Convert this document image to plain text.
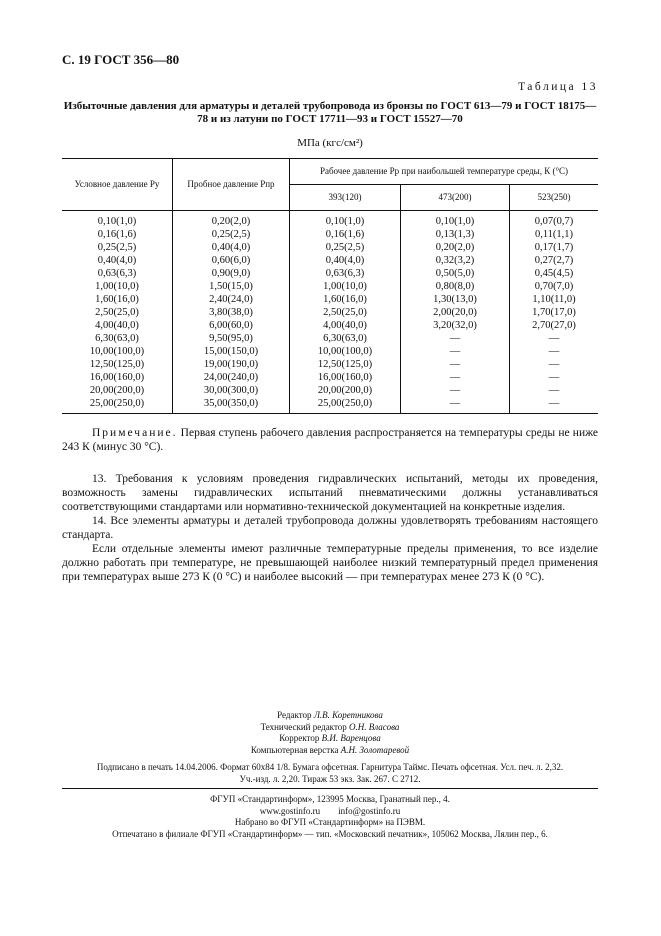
С. 19 ГОСТ 356—80
Таблица 13
Избыточные давления для арматуры и деталей трубопровода из бронзы по ГОСТ 613—79 и ГОСТ 18175—78 и из латуни по ГОСТ 17711—93 и ГОСТ 15527—70
МПа (кгс/см²)
Условное давление Pу	Пробное давление Pпр	Рабочее давление Pр при наибольшей температуре среды, К (°С)		
		393(120)	473(200)	523(250)
0,10(1,0)	0,20(2,0)	0,10(1,0)	0,10(1,0)	0,07(0,7)
0,16(1,6)	0,25(2,5)	0,16(1,6)	0,13(1,3)	0,11(1,1)
0,25(2,5)	0,40(4,0)	0,25(2,5)	0,20(2,0)	0,17(1,7)
0,40(4,0)	0,60(6,0)	0,40(4,0)	0,32(3,2)	0,27(2,7)
0,63(6,3)	0,90(9,0)	0,63(6,3)	0,50(5,0)	0,45(4,5)
1,00(10,0)	1,50(15,0)	1,00(10,0)	0,80(8,0)	0,70(7,0)
1,60(16,0)	2,40(24,0)	1,60(16,0)	1,30(13,0)	1,10(11,0)
2,50(25,0)	3,80(38,0)	2,50(25,0)	2,00(20,0)	1,70(17,0)
4,00(40,0)	6,00(60,0)	4,00(40,0)	3,20(32,0)	2,70(27,0)
6,30(63,0)	9,50(95,0)	6,30(63,0)	—	—
10,00(100,0)	15,00(150,0)	10,00(100,0)	—	—
12,50(125,0)	19,00(190,0)	12,50(125,0)	—	—
16,00(160,0)	24,00(240,0)	16,00(160,0)	—	—
20,00(200,0)	30,00(300,0)	20,00(200,0)	—	—
25,00(250,0)	35,00(350,0)	25,00(250,0)	—	—
Примечание. Первая ступень рабочего давления распространяется на температуры среды не ниже 243 К (минус 30 °С).
13. Требования к условиям проведения гидравлических испытаний, методы их проведения, возможность замены гидравлических испытаний пневматическими должны устанавливаться соответствующими стандартами или нормативно-технической документацией на конкретные изделия.
14. Все элементы арматуры и деталей трубопровода должны удовлетворять требованиям настоящего стандарта.
Если отдельные элементы имеют различные температурные пределы применения, то все изделие должно работать при температуре, не превышающей наиболее низкий температурный предел применения при температурах выше 273 К (0 °С) и наиболее высокий — при температурах менее 273 К (0 °С).
Редактор Л.В. Коретникова
Технический редактор О.Н. Власова
Корректор В.И. Варенцова
Компьютерная верстка А.Н. Золотаревой
Подписано в печать 14.04.2006. Формат 60х84 1/8. Бумага офсетная. Гарнитура Таймс. Печать офсетная. Усл. печ. л. 2,32.
Уч.-изд. л. 2,20. Тираж 53 экз. Зак. 267. С 2712.
ФГУП «Стандартинформ», 123995 Москва, Гранатный пер., 4.
www.gostinfo.ru        info@gostinfo.ru
Набрано во ФГУП «Стандартинформ» на ПЭВМ.
Отпечатано в филиале ФГУП «Стандартинформ» — тип. «Московский печатник», 105062 Москва, Лялин пер., 6.
